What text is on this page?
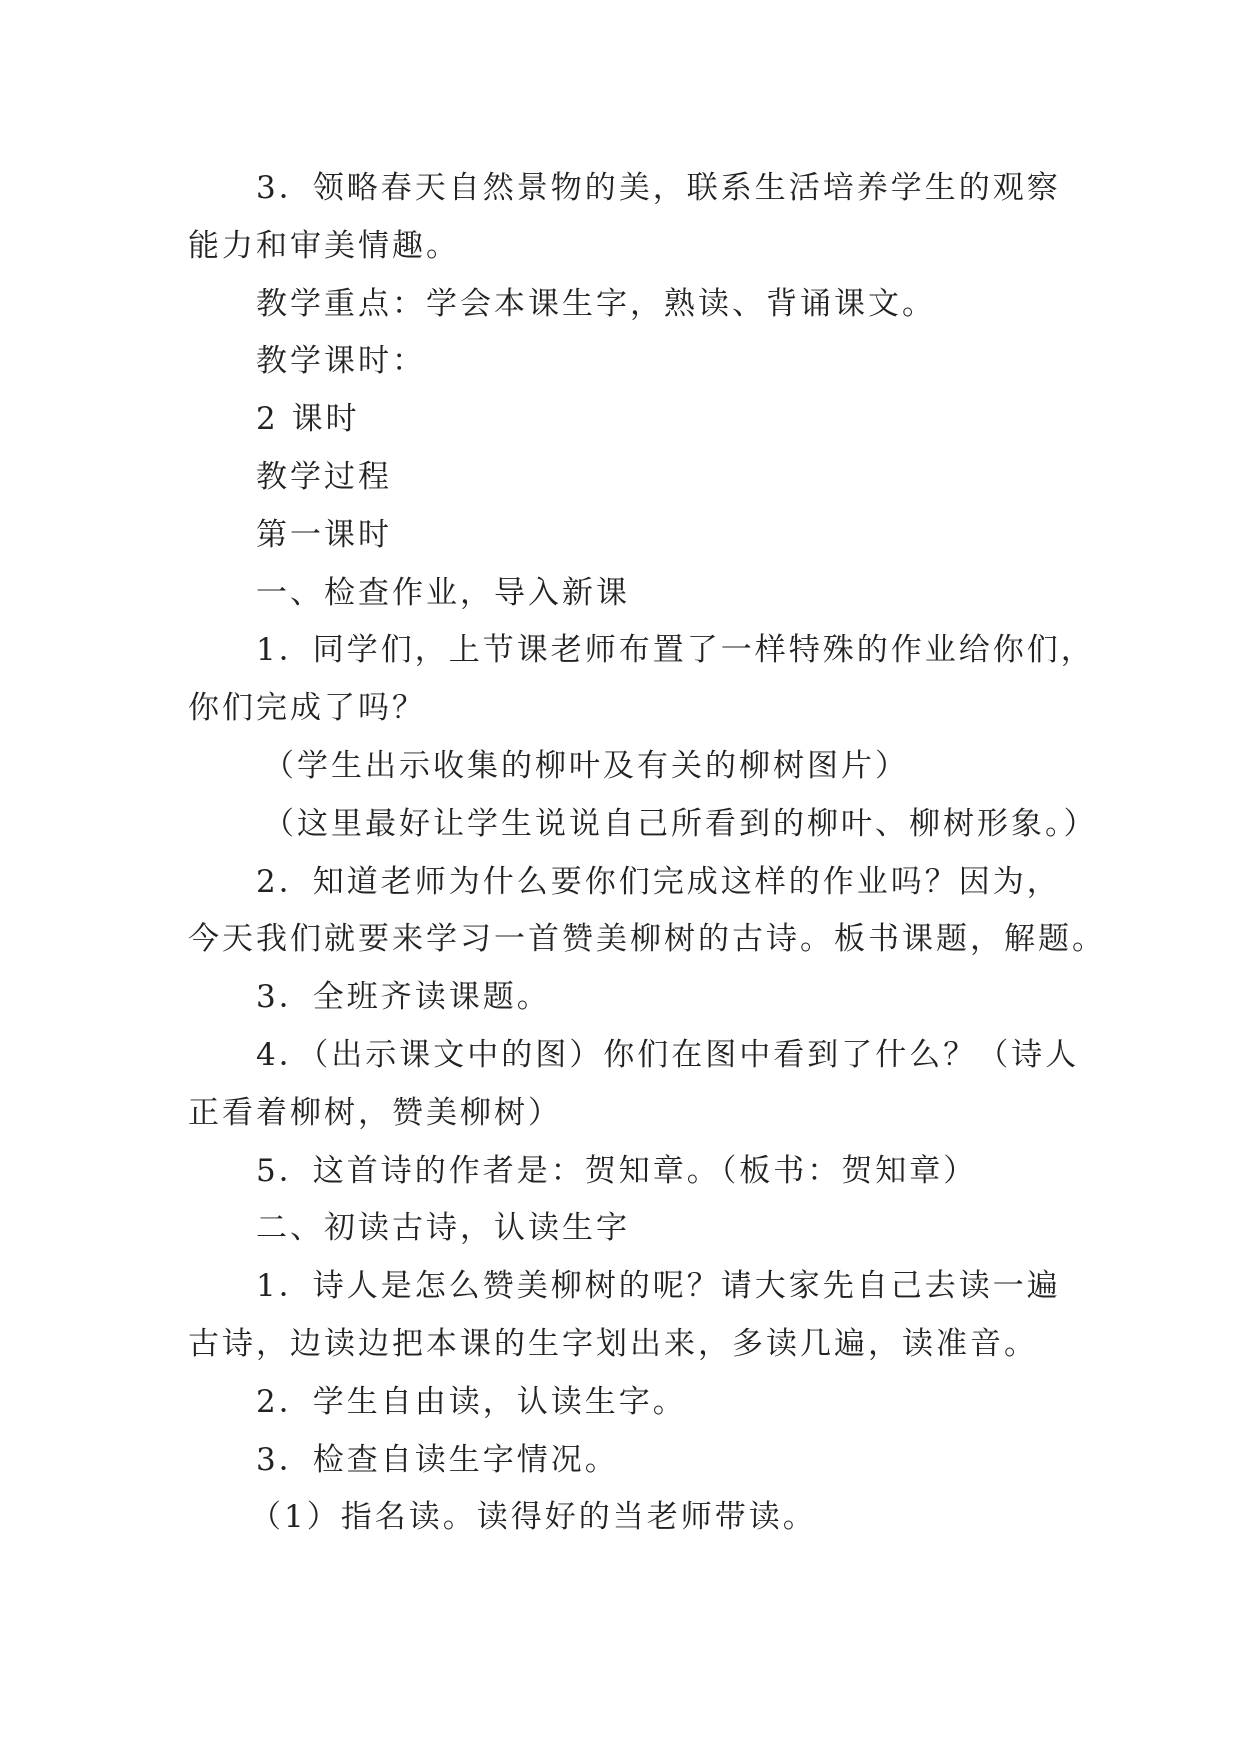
3．领略春天自然景物的美，联系生活培养学生的观察
能力和审美情趣。
教学重点：学会本课生字，熟读、背诵课文。
教学课时：
2 课时
教学过程
第一课时
一、检查作业，导入新课
1．同学们，上节课老师布置了一样特殊的作业给你们，
你们完成了吗？
（学生出示收集的柳叶及有关的柳树图片）
（这里最好让学生说说自己所看到的柳叶、柳树形象。）
2．知道老师为什么要你们完成这样的作业吗？因为，
今天我们就要来学习一首赞美柳树的古诗。板书课题，解题。
3．全班齐读课题。
4．（出示课文中的图）你们在图中看到了什么？（诗人
正看着柳树，赞美柳树）
5．这首诗的作者是：贺知章。（板书：贺知章）
二、初读古诗，认读生字
1．诗人是怎么赞美柳树的呢？请大家先自己去读一遍
古诗，边读边把本课的生字划出来，多读几遍，读准音。
2．学生自由读，认读生字。
3．检查自读生字情况。
（1）指名读。读得好的当老师带读。
